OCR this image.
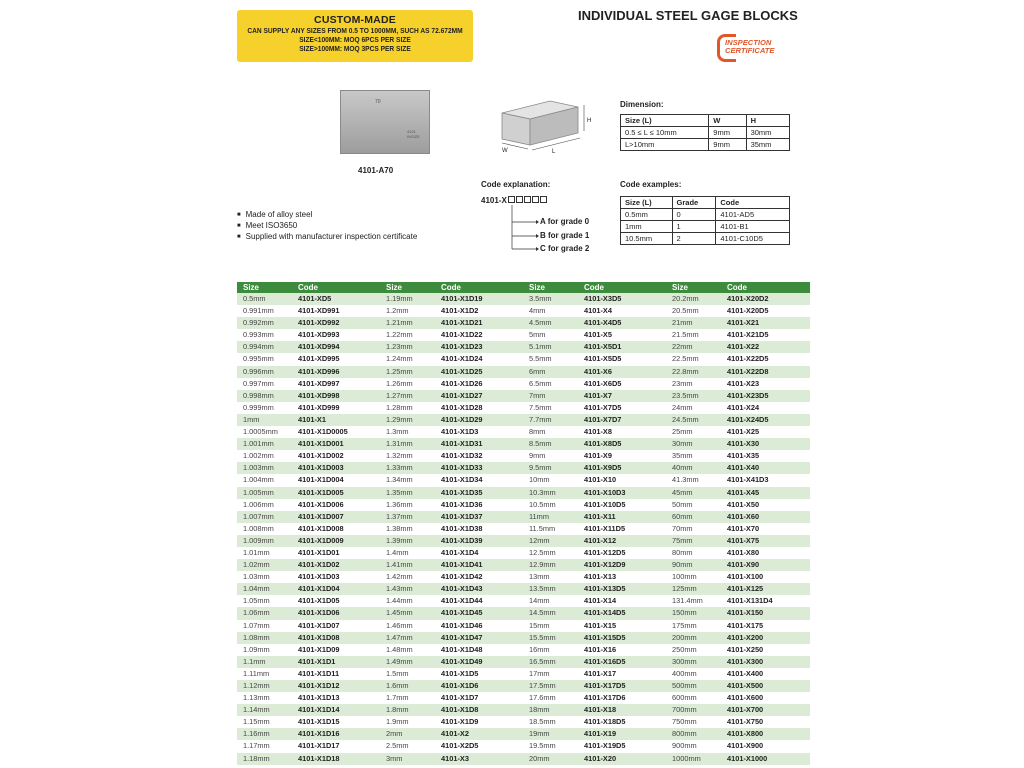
CUSTOM-MADE
CAN SUPPLY ANY SIZES FROM 0.5 TO 1000MM, SUCH AS 72.672MM
SIZE<100MM: MOQ 6PCS PER SIZE
SIZE>100MM: MOQ 3PCS PER SIZE
INDIVIDUAL STEEL GAGE BLOCKS
INSPECTION
CERTIFICATE
70
4101
INSIZE
4101-A70
H
L
W
Dimension:
Size (L)	W	H
0.5 ≤ L ≤ 10mm	9mm	30mm
L>10mm	9mm	35mm
■ Made of alloy steel
■ Meet ISO3650
■ Supplied with manufacturer inspection certificate
Code explanation:
4101-X
A for grade 0
B for grade 1
C for grade 2
Code examples:
Size (L)	Grade	Code
0.5mm	0	4101-AD5
1mm	1	4101-B1
10.5mm	2	4101-C10D5
Size	Code
0.5mm	4101-XD5
0.991mm	4101-XD991
0.992mm	4101-XD992
0.993mm	4101-XD993
0.994mm	4101-XD994
0.995mm	4101-XD995
0.996mm	4101-XD996
0.997mm	4101-XD997
0.998mm	4101-XD998
0.999mm	4101-XD999
1mm	4101-X1
1.0005mm	4101-X1D0005
1.001mm	4101-X1D001
1.002mm	4101-X1D002
1.003mm	4101-X1D003
1.004mm	4101-X1D004
1.005mm	4101-X1D005
1.006mm	4101-X1D006
1.007mm	4101-X1D007
1.008mm	4101-X1D008
1.009mm	4101-X1D009
1.01mm	4101-X1D01
1.02mm	4101-X1D02
1.03mm	4101-X1D03
1.04mm	4101-X1D04
1.05mm	4101-X1D05
1.06mm	4101-X1D06
1.07mm	4101-X1D07
1.08mm	4101-X1D08
1.09mm	4101-X1D09
1.1mm	4101-X1D1
1.11mm	4101-X1D11
1.12mm	4101-X1D12
1.13mm	4101-X1D13
1.14mm	4101-X1D14
1.15mm	4101-X1D15
1.16mm	4101-X1D16
1.17mm	4101-X1D17
1.18mm	4101-X1D18
Size	Code
1.19mm	4101-X1D19
1.2mm	4101-X1D2
1.21mm	4101-X1D21
1.22mm	4101-X1D22
1.23mm	4101-X1D23
1.24mm	4101-X1D24
1.25mm	4101-X1D25
1.26mm	4101-X1D26
1.27mm	4101-X1D27
1.28mm	4101-X1D28
1.29mm	4101-X1D29
1.3mm	4101-X1D3
1.31mm	4101-X1D31
1.32mm	4101-X1D32
1.33mm	4101-X1D33
1.34mm	4101-X1D34
1.35mm	4101-X1D35
1.36mm	4101-X1D36
1.37mm	4101-X1D37
1.38mm	4101-X1D38
1.39mm	4101-X1D39
1.4mm	4101-X1D4
1.41mm	4101-X1D41
1.42mm	4101-X1D42
1.43mm	4101-X1D43
1.44mm	4101-X1D44
1.45mm	4101-X1D45
1.46mm	4101-X1D46
1.47mm	4101-X1D47
1.48mm	4101-X1D48
1.49mm	4101-X1D49
1.5mm	4101-X1D5
1.6mm	4101-X1D6
1.7mm	4101-X1D7
1.8mm	4101-X1D8
1.9mm	4101-X1D9
2mm	4101-X2
2.5mm	4101-X2D5
3mm	4101-X3
Size	Code
3.5mm	4101-X3D5
4mm	4101-X4
4.5mm	4101-X4D5
5mm	4101-X5
5.1mm	4101-X5D1
5.5mm	4101-X5D5
6mm	4101-X6
6.5mm	4101-X6D5
7mm	4101-X7
7.5mm	4101-X7D5
7.7mm	4101-X7D7
8mm	4101-X8
8.5mm	4101-X8D5
9mm	4101-X9
9.5mm	4101-X9D5
10mm	4101-X10
10.3mm	4101-X10D3
10.5mm	4101-X10D5
11mm	4101-X11
11.5mm	4101-X11D5
12mm	4101-X12
12.5mm	4101-X12D5
12.9mm	4101-X12D9
13mm	4101-X13
13.5mm	4101-X13D5
14mm	4101-X14
14.5mm	4101-X14D5
15mm	4101-X15
15.5mm	4101-X15D5
16mm	4101-X16
16.5mm	4101-X16D5
17mm	4101-X17
17.5mm	4101-X17D5
17.6mm	4101-X17D6
18mm	4101-X18
18.5mm	4101-X18D5
19mm	4101-X19
19.5mm	4101-X19D5
20mm	4101-X20
Size	Code
20.2mm	4101-X20D2
20.5mm	4101-X20D5
21mm	4101-X21
21.5mm	4101-X21D5
22mm	4101-X22
22.5mm	4101-X22D5
22.8mm	4101-X22D8
23mm	4101-X23
23.5mm	4101-X23D5
24mm	4101-X24
24.5mm	4101-X24D5
25mm	4101-X25
30mm	4101-X30
35mm	4101-X35
40mm	4101-X40
41.3mm	4101-X41D3
45mm	4101-X45
50mm	4101-X50
60mm	4101-X60
70mm	4101-X70
75mm	4101-X75
80mm	4101-X80
90mm	4101-X90
100mm	4101-X100
125mm	4101-X125
131.4mm	4101-X131D4
150mm	4101-X150
175mm	4101-X175
200mm	4101-X200
250mm	4101-X250
300mm	4101-X300
400mm	4101-X400
500mm	4101-X500
600mm	4101-X600
700mm	4101-X700
750mm	4101-X750
800mm	4101-X800
900mm	4101-X900
1000mm	4101-X1000
